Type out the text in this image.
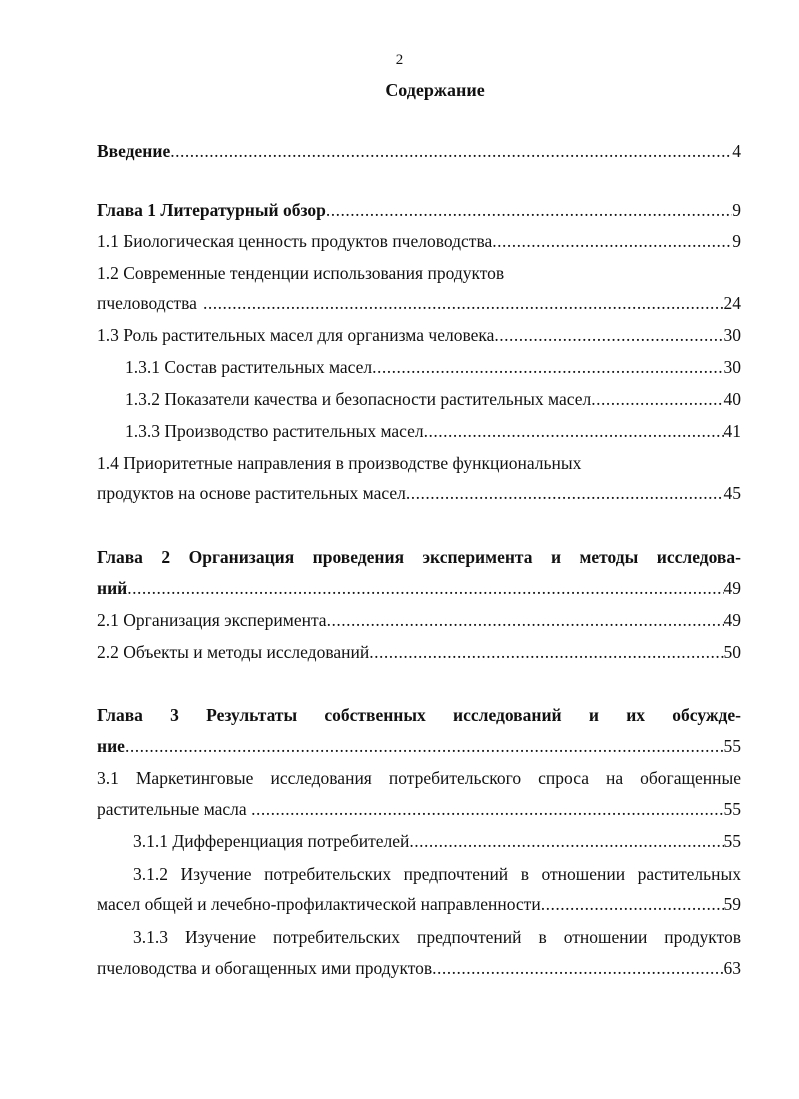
2
Содержание
Введение .....	4
Глава 1 Литературный обзор .....	9
1.1 Биологическая ценность продуктов пчеловодства .....	9
1.2 Современные тенденции использования продуктов
пчеловодства .....	24
1.3 Роль растительных масел для организма человека .....	30
1.3.1 Состав растительных масел .....	30
1.3.2 Показатели качества и безопасности растительных масел .....	40
1.3.3 Производство растительных масел .....	41
1.4 Приоритетные направления в производстве функциональных
продуктов на основе растительных масел .....	45
Глава 2 Организация проведения эксперимента и методы исследова-
ний .....	49
2.1 Организация эксперимента .....	49
2.2 Объекты и методы исследований .....	50
Глава 3 Результаты собственных исследований и их обсужде-
ние .....	55
3.1 Маркетинговые исследования потребительского спроса на обогащенные
растительные масла .....	55
3.1.1 Дифференциация потребителей .....	55
3.1.2 Изучение потребительских предпочтений в отношении растительных
масел общей и лечебно-профилактической направленности .....	59
3.1.3 Изучение потребительских предпочтений в отношении продуктов
пчеловодства и обогащенных ими продуктов .....	63
